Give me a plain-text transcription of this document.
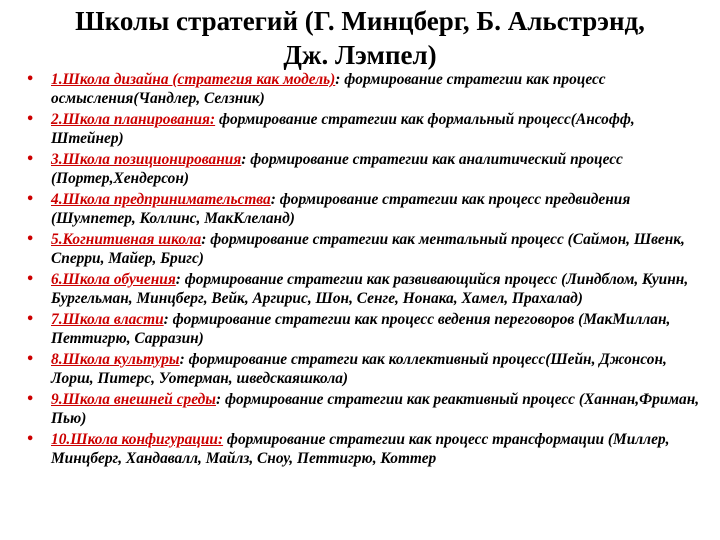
Школы стратегий (Г. Минцберг, Б. Альстрэнд,
Дж. Лэмпел)
• 1.Школа дизайна (стратегия как модель): формирование стратегии как процесс осмысления(Чандлер, Селзник)
• 2.Школа планирования: формирование стратегии как формальный процесс(Ансофф, Штейнер)
• 3.Школа позиционирования: формирование стратегии как аналитический процесс (Портер,Хендерсон)
• 4.Школа предпринимательства: формирование стратегии как процесс предвидения (Шумпетер, Коллинс, МакКлеланд)
• 5.Когнитивная школа: формирование стратегии как ментальный процесс (Саймон, Швенк, Сперри, Майер, Бригс)
• 6.Школа обучения: формирование стратегии как развивающийся процесс (Линдблом, Куинн, Бургельман, Минцберг, Вейк, Аргирис, Шон, Сенге, Нонака, Хамел, Прахалад)
• 7.Школа власти: формирование стратегии как процесс ведения переговоров (МакМиллан, Петтигрю, Сарразин)
• 8.Школа культуры: формирование стратеги как коллективный процесс(Шейн, Джонсон, Лорш, Питерс, Уотерман, шведскаяшкола)
• 9.Школа внешней среды: формирование стратегии как реактивный процесс (Ханнан,Фриман, Пью)
• 10.Школа конфигурации: формирование стратегии как процесс трансформации (Миллер, Минцберг, Хандавалл, Майлз, Сноу, Петтигрю, Коттер
